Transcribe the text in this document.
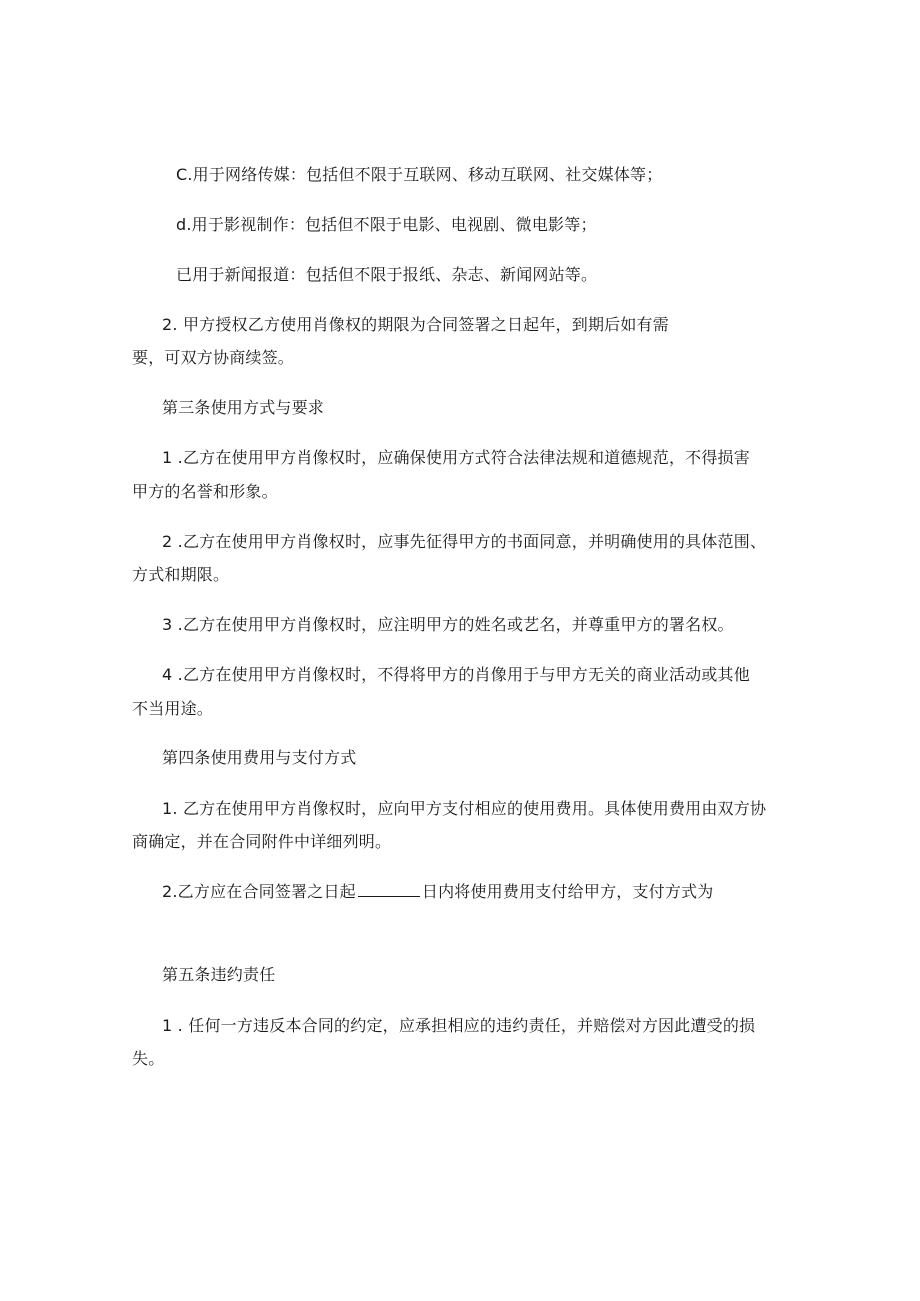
C.用于网络传媒：包括但不限于互联网、移动互联网、社交媒体等；
d.用于影视制作：包括但不限于电影、电视剧、微电影等；
已用于新闻报道：包括但不限于报纸、杂志、新闻网站等。
2. 甲方授权乙方使用肖像权的期限为合同签署之日起年，到期后如有需
要，可双方协商续签。
第三条使用方式与要求
1 .乙方在使用甲方肖像权时，应确保使用方式符合法律法规和道德规范，不得损害
甲方的名誉和形象。
2 .乙方在使用甲方肖像权时，应事先征得甲方的书面同意，并明确使用的具体范围、
方式和期限。
3 .乙方在使用甲方肖像权时，应注明甲方的姓名或艺名，并尊重甲方的署名权。
4 .乙方在使用甲方肖像权时，不得将甲方的肖像用于与甲方无关的商业活动或其他
不当用途。
第四条使用费用与支付方式
1. 乙方在使用甲方肖像权时，应向甲方支付相应的使用费用。具体使用费用由双方协
商确定，并在合同附件中详细列明。
2.乙方应在合同签署之日起	日内将使用费用支付给甲方，支付方式为
第五条违约责任
1 . 任何一方违反本合同的约定，应承担相应的违约责任，并赔偿对方因此遭受的损
失。
